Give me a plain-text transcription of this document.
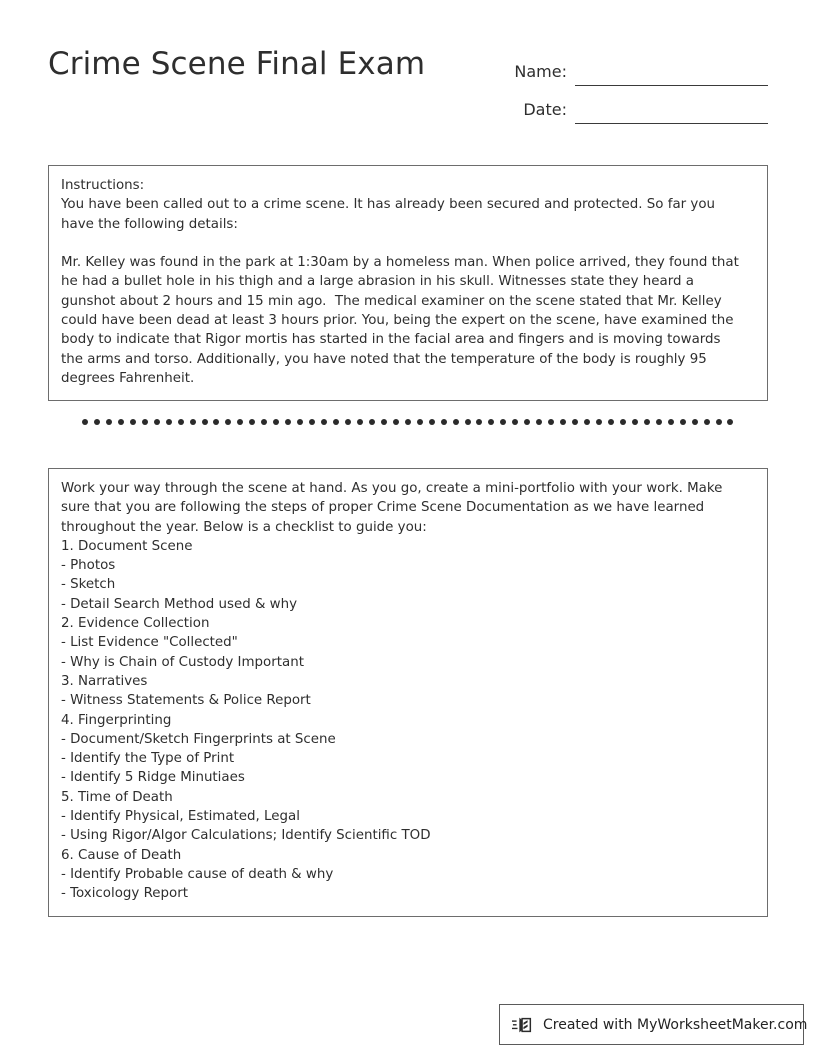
Crime Scene Final Exam	Name:
Date:
Instructions:
You have been called out to a crime scene. It has already been secured and protected. So far you
have the following details:
Mr. Kelley was found in the park at 1:30am by a homeless man. When police arrived, they found that
he had a bullet hole in his thigh and a large abrasion in his skull. Witnesses state they heard a
gunshot about 2 hours and 15 min ago.  The medical examiner on the scene stated that Mr. Kelley
could have been dead at least 3 hours prior. You, being the expert on the scene, have examined the
body to indicate that Rigor mortis has started in the facial area and fingers and is moving towards
the arms and torso. Additionally, you have noted that the temperature of the body is roughly 95
degrees Fahrenheit.
Work your way through the scene at hand. As you go, create a mini-portfolio with your work. Make
sure that you are following the steps of proper Crime Scene Documentation as we have learned
throughout the year. Below is a checklist to guide you:
1. Document Scene
- Photos
- Sketch
- Detail Search Method used & why
2. Evidence Collection
- List Evidence "Collected"
- Why is Chain of Custody Important
3. Narratives
- Witness Statements & Police Report
4. Fingerprinting
- Document/Sketch Fingerprints at Scene
- Identify the Type of Print
- Identify 5 Ridge Minutiaes
5. Time of Death
- Identify Physical, Estimated, Legal
- Using Rigor/Algor Calculations; Identify Scientific TOD
6. Cause of Death
- Identify Probable cause of death & why
- Toxicology Report
Created with MyWorksheetMaker.com
